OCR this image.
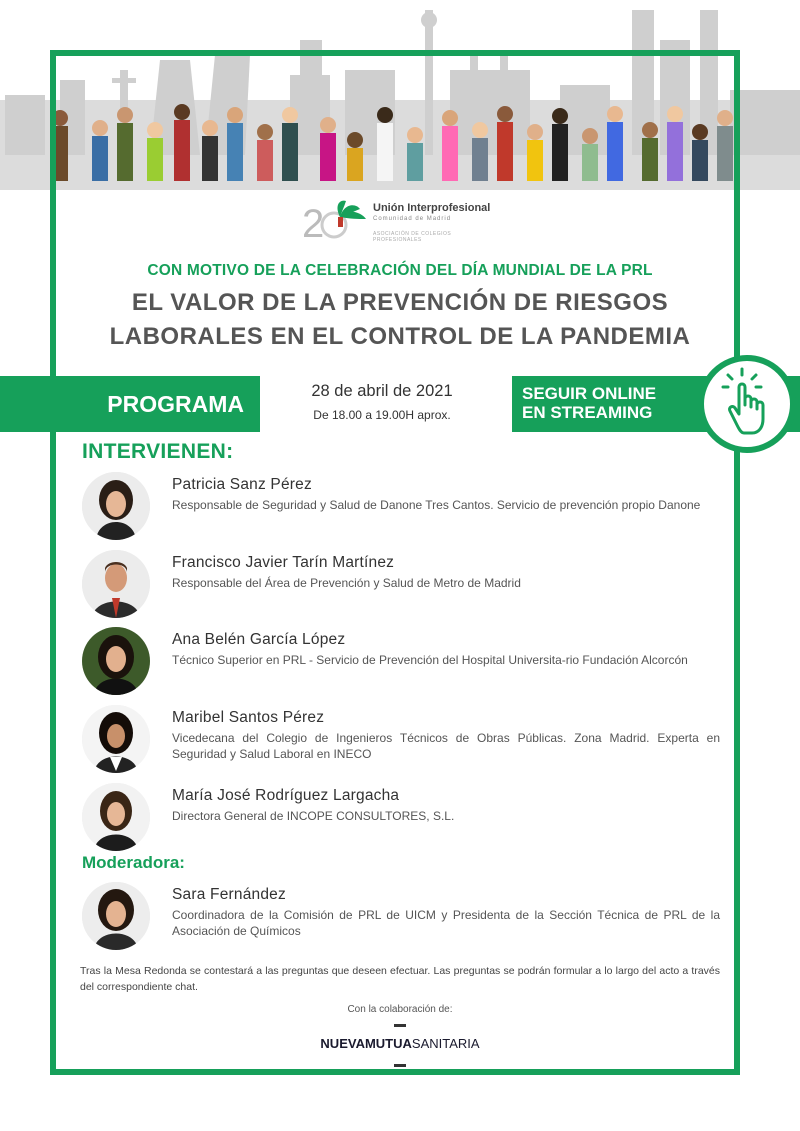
2	Unión Interprofesional
Comunidad de Madrid
ASOCIACIÓN DE COLEGIOS PROFESIONALES
CON MOTIVO DE LA CELEBRACIÓN DEL DÍA MUNDIAL DE LA PRL
EL VALOR DE LA PREVENCIÓN DE RIESGOS
LABORALES EN EL CONTROL DE LA PANDEMIA
PROGRAMA	28 de abril de 2021
De 18.00 a 19.00H aprox.
SEGUIR ONLINE
EN STREAMING
INTERVIENEN:
Patricia Sanz Pérez
Responsable de Seguridad y Salud de Danone Tres Cantos. Servicio de prevención propio Danone
Francisco Javier Tarín Martínez
Responsable del Área de Prevención y Salud de Metro de Madrid
Ana Belén García López
Técnico Superior en PRL - Servicio de Prevención del Hospital Universita-rio Fundación Alcorcón
Maribel Santos Pérez
Vicedecana del Colegio de Ingenieros Técnicos de Obras Públicas. Zona Madrid. Experta en Seguridad y Salud Laboral en INECO
María José Rodríguez Largacha
Directora General de INCOPE CONSULTORES, S.L.
Moderadora:
Sara Fernández
Coordinadora de la Comisión de PRL de UICM y Presidenta de la Sección Técnica de PRL de la Asociación de Químicos
Tras la Mesa Redonda se contestará a las preguntas que deseen efectuar. Las preguntas se podrán formular a lo largo del acto a través del correspondiente chat.
Con la colaboración de:
NUEVAMUTUASANITARIA
